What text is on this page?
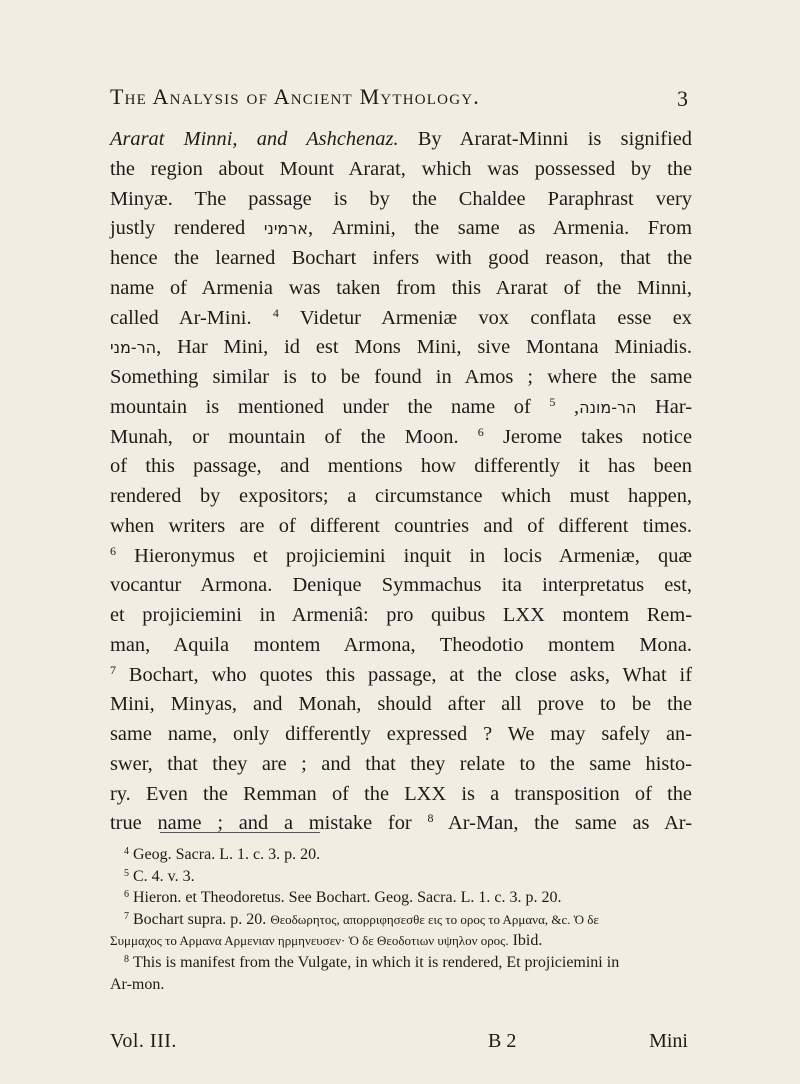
The Analysis of Ancient Mythology.	3
Ararat Minni, and Ashchenaz. By Ararat-Minni is signified
the region about Mount Ararat, which was possessed by the
Minyæ. The passage is by the Chaldee Paraphrast very
justly rendered ארמיני, Armini, the same as Armenia. From
hence the learned Bochart infers with good reason, that the
name of Armenia was taken from this Ararat of the Minni,
called Ar-Mini. $^4$ Videtur Armeniæ vox conflata esse ex
הר-מני, Har Mini, id est Mons Mini, sive Montana Miniadis.
Something similar is to be found in Amos ; where the same
mountain is mentioned under the name of הר-מונה, $^5$	Har-
Munah, or mountain of the Moon. $^6$ Jerome takes notice
of this passage, and mentions how differently it has been
rendered by expositors; a circumstance which must happen,
when writers are of different countries and of different times.
$^6$ Hieronymus et projiciemini inquit in locis Armeniæ, quæ
vocantur Armona. Denique Symmachus ita interpretatus est,
et projiciemini in Armeniâ: pro quibus LXX montem Rem-
man, Aquila montem Armona, Theodotio montem Mona.
$^7$ Bochart, who quotes this passage, at the close asks, What if
Mini, Minyas, and Monah, should after all prove to be the
same name, only differently expressed ? We may safely an-
swer, that they are ; and that they relate to the same histo-
ry. Even the Remman of the LXX is a transposition of the
true name ; and a mistake for $^8$ Ar-Man, the same as Ar-
$^4$ Geog. Sacra. L. 1. c. 3. p. 20.
$^5$ C. 4. v. 3.
$^6$ Hieron. et Theodoretus. See Bochart. Geog. Sacra. L. 1. c. 3. p. 20.
$^7$ Bochart supra. p. 20. Θεοδωρητος, απορριφησεσθε εις το ορος το Αρμανα, &c. Ὁ δε
Συμμαχος το Αρμανα Αρμενιαν ηρμηνευσεν· Ὁ δε Θεοδοτιων υψηλον ορος. Ibid.
$^8$ This is manifest from the Vulgate, in which it is rendered, Et projiciemini in
Ar-mon.
Vol. III.	B 2	Mini
